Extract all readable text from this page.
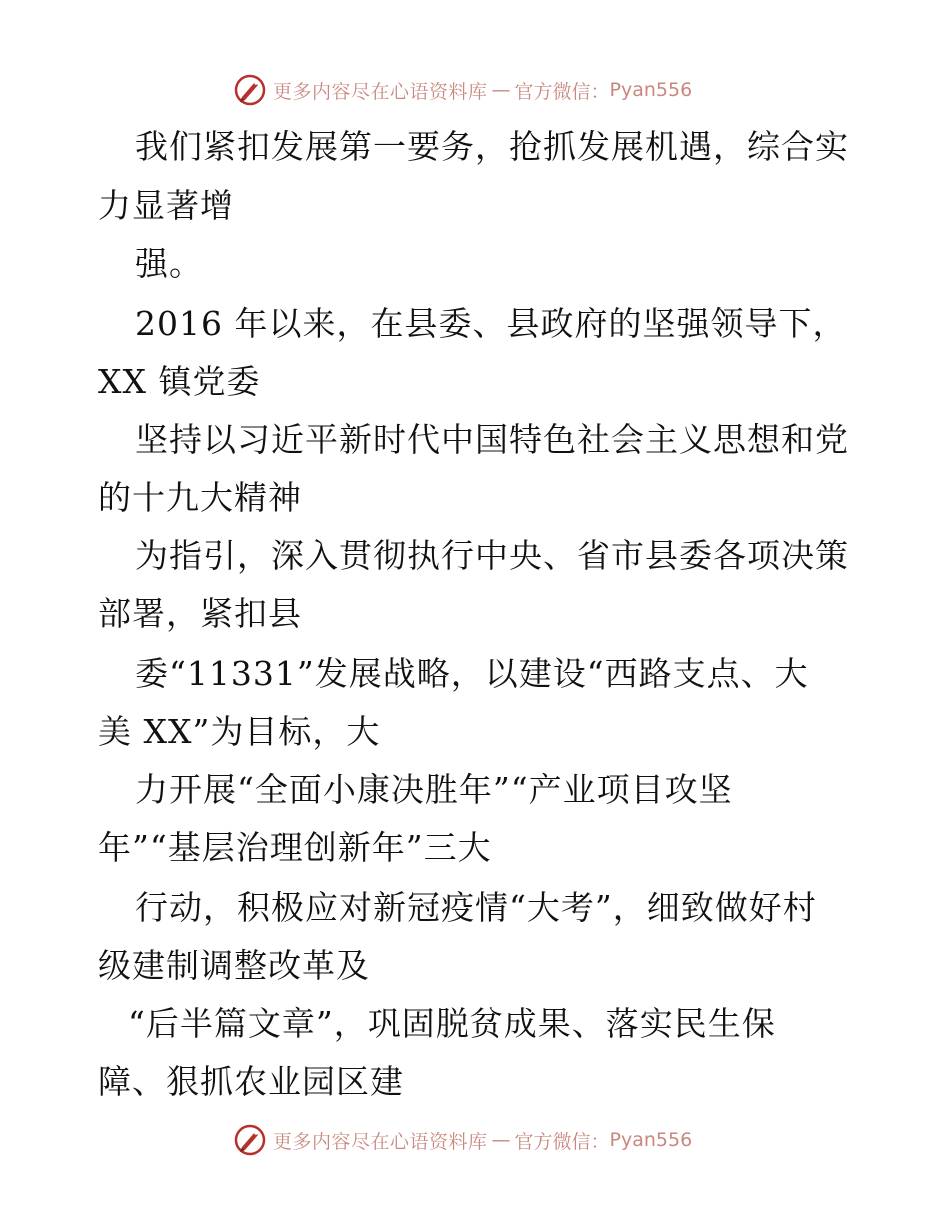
更多内容尽在心语资料库 — 官方微信： Pyan556
我们紧扣发展第一要务，抢抓发展机遇，综合实
力显著增
强。
2016 年以来，在县委、县政府的坚强领导下，
XX 镇党委
坚持以习近平新时代中国特色社会主义思想和党
的十九大精神
为指引，深入贯彻执行中央、省市县委各项决策
部署，紧扣县
委“11331”发展战略，以建设“西路支点、大
美 XX”为目标，大
力开展“全面小康决胜年”“产业项目攻坚
年”“基层治理创新年”三大
行动，积极应对新冠疫情“大考”，细致做好村
级建制调整改革及
“后半篇文章”，巩固脱贫成果、落实民生保
障、狠抓农业园区建
更多内容尽在心语资料库 — 官方微信： Pyan556
